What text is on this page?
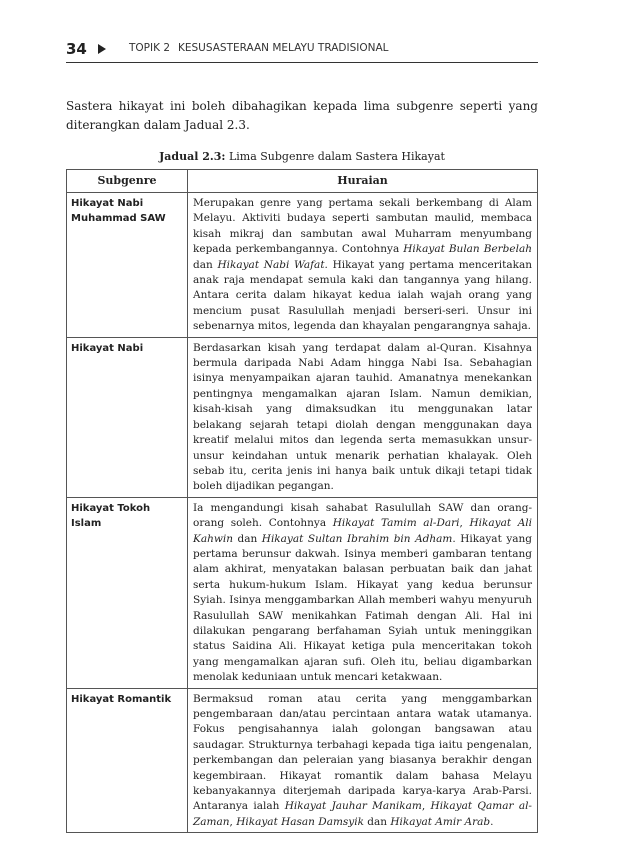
34	TOPIK 2 KESUSASTERAAN MELAYU TRADISIONAL

Sastera hikayat ini boleh dibahagikan kepada lima subgenre seperti yang diterangkan dalam Jadual 2.3.

Jadual 2.3: Lima Subgenre dalam Sastera Hikayat
Subgenre	Huraian
Hikayat Nabi Muhammad SAW	Merupakan genre yang pertama sekali berkembang di Alam Melayu. Aktiviti budaya seperti sambutan maulid, membaca kisah mikraj dan sambutan awal Muharram menyumbang kepada perkembangannya. Contohnya Hikayat Bulan Berbelah dan Hikayat Nabi Wafat. Hikayat yang pertama menceritakan anak raja mendapat semula kaki dan tangannya yang hilang. Antara cerita dalam hikayat kedua ialah wajah orang yang mencium pusat Rasulullah menjadi berseri-seri. Unsur ini sebenarnya mitos, legenda dan khayalan pengarangnya sahaja.
Hikayat Nabi	Berdasarkan kisah yang terdapat dalam al-Quran. Kisahnya bermula daripada Nabi Adam hingga Nabi Isa. Sebahagian isinya menyampaikan ajaran tauhid. Amanatnya menekankan pentingnya mengamalkan ajaran Islam. Namun demikian, kisah-kisah yang dimaksudkan itu menggunakan latar belakang sejarah tetapi diolah dengan menggunakan daya kreatif melalui mitos dan legenda serta memasukkan unsur-unsur keindahan untuk menarik perhatian khalayak. Oleh sebab itu, cerita jenis ini hanya baik untuk dikaji tetapi tidak boleh dijadikan pegangan.
Hikayat Tokoh Islam	Ia mengandungi kisah sahabat Rasulullah SAW dan orang-orang soleh. Contohnya Hikayat Tamim al-Dari, Hikayat Ali Kahwin dan Hikayat Sultan Ibrahim bin Adham. Hikayat yang pertama berunsur dakwah. Isinya memberi gambaran tentang alam akhirat, menyatakan balasan perbuatan baik dan jahat serta hukum-hukum Islam. Hikayat yang kedua berunsur Syiah. Isinya menggambarkan Allah memberi wahyu menyuruh Rasulullah SAW menikahkan Fatimah dengan Ali. Hal ini dilakukan pengarang berfahaman Syiah untuk meninggikan status Saidina Ali. Hikayat ketiga pula menceritakan tokoh yang mengamalkan ajaran sufi. Oleh itu, beliau digambarkan menolak keduniaan untuk mencari ketakwaan.
Hikayat Romantik	Bermaksud roman atau cerita yang menggambarkan pengembaraan dan/atau percintaan antara watak utamanya. Fokus pengisahannya ialah golongan bangsawan atau saudagar. Strukturnya terbahagi kepada tiga iaitu pengenalan, perkembangan dan peleraian yang biasanya berakhir dengan kegembiraan. Hikayat romantik dalam bahasa Melayu kebanyakannya diterjemah daripada karya-karya Arab-Parsi. Antaranya ialah Hikayat Jauhar Manikam, Hikayat Qamar al-Zaman, Hikayat Hasan Damsyik dan Hikayat Amir Arab.
